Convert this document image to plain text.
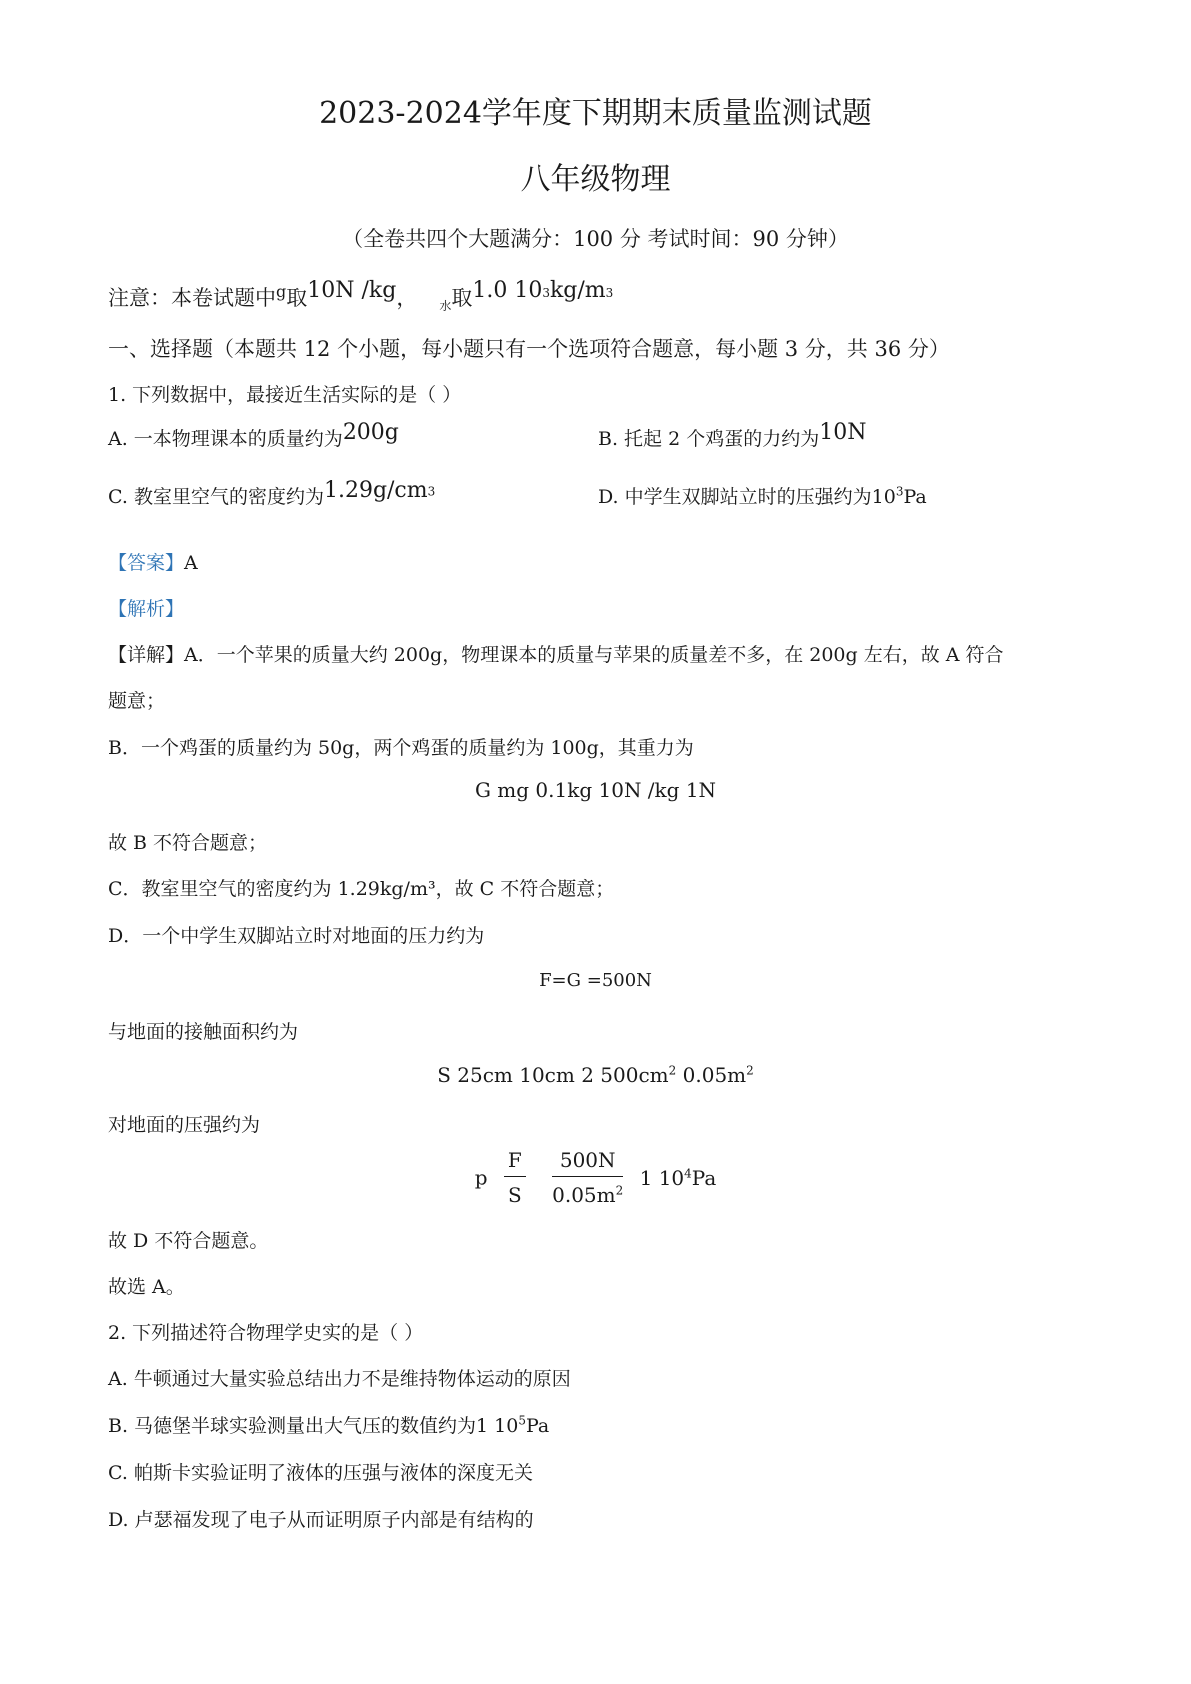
2023-2024学年度下期期末质量监测试题
八年级物理
（全卷共四个大题满分：100 分 考试时间：90 分钟）
注意：本卷试题中$^g$取10N /kg， $_水$取1.0 $10^3kg/m^3$
一、选择题（本题共 12 个小题，每小题只有一个选项符合题意，每小题 3 分，共 36 分）
1. 下列数据中，最接近生活实际的是（ ）
A. 一本物理课本的质量约为200g	B. 托起 2 个鸡蛋的力约为10N
C. 教室里空气的密度约为$1.29g/cm^3$	D. 中学生双脚站立时的压强约为$10^3Pa$
【答案】A
【解析】
【详解】A．一个苹果的质量大约 200g，物理课本的质量与苹果的质量差不多，在 200g 左右，故 A 符合
题意；
B．一个鸡蛋的质量约为 50g，两个鸡蛋的质量约为 100g，其重力为
G mg 0.1kg 10N /kg 1N
故 B 不符合题意；
C．教室里空气的密度约为 1.29kg/m³，故 C 不符合题意；
D．一个中学生双脚站立时对地面的压力约为
F=G =500N
与地面的接触面积约为
S 25cm 10cm 2 $500cm^2$ $0.05m^2$
对地面的压强约为
p $\frac{F}{S}$
$\frac{500N}{0.05m^2} 1$ $10^4Pa$
故 D 不符合题意。
故选 A。
2. 下列描述符合物理学史实的是（ ）
A. 牛顿通过大量实验总结出力不是维持物体运动的原因
B. 马德堡半球实验测量出大气压的数值约为1 $10^5Pa$
C. 帕斯卡实验证明了液体的压强与液体的深度无关
D. 卢瑟福发现了电子从而证明原子内部是有结构的
